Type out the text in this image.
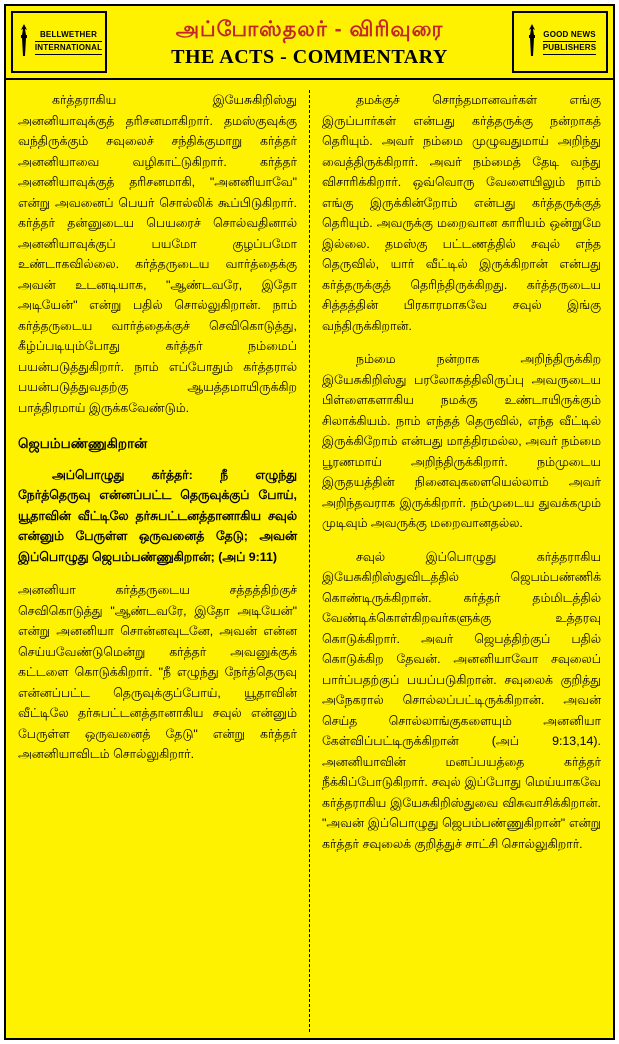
BELLWETHER
INTERNATIONAL
அப்போஸ்தலர் - விரிவுரை
THE ACTS - COMMENTARY
GOOD NEWS
PUBLISHERS

கர்த்தராகிய இயேசுகிறிஸ்து அனனியாவுக்குத் தரிசனமாகிறார். தமஸ்குவுக்கு வந்திருக்கும் சவுலைச் சந்திக்குமாறு கர்த்தர் அனனியாவை வழிகாட்டுகிறார். கர்த்தர் அனனியாவுக்குத் தரிசனமாகி, "அனனியாவே" என்று அவனைப் பெயர் சொல்லிக் கூப்பிடுகிறார். கர்த்தர் தன்னுடைய பெயரைச் சொல்வதினால் அனனியாவுக்குப் பயமோ குழப்பமோ உண்டாகவில்லை. கர்த்தருடைய வார்த்தைக்கு அவன் உடனடியாக, "ஆண்டவரே, இதோ அடியேன்" என்று பதில் சொல்லுகிறான். நாம் கர்த்தருடைய வார்த்தைக்குச் செவிகொடுத்து, கீழ்ப்படியும்போது கர்த்தர் நம்மைப் பயன்படுத்துகிறார். நாம் எப்போதும் கர்த்தரால் பயன்படுத்துவதற்கு ஆயத்தமாயிருக்கிற பாத்திரமாய் இருக்கவேண்டும்.

ஜெபம்பண்ணுகிறான்

அப்பொழுது கர்த்தர்: நீ எழுந்து நேர்த்தெருவு என்னப்பட்ட தெருவுக்குப் போய், யூதாவின் வீட்டிலே தர்சுபட்டனத்தானாகிய சவுல் என்னும் பேருள்ள ஒருவனைத் தேடு; அவன் இப்பொழுது ஜெபம்பண்ணுகிறான்; (அப் 9:11)

அனனியா கர்த்தருடைய சத்தத்திற்குச் செவிகொடுத்து "ஆண்டவரே, இதோ அடியேன்" என்று அனனியா சொன்னவுடனே, அவன் என்ன செய்யவேண்டுமென்று கர்த்தர் அவனுக்குக் கட்டளை கொடுக்கிறார். "நீ எழுந்து நேர்த்தெருவு என்னப்பட்ட தெருவுக்குப்போய், யூதாவின் வீட்டிலே தர்சுபட்டனத்தானாகிய சவுல் என்னும் பேருள்ள ஒருவனைத் தேடு" என்று கர்த்தர் அனனியாவிடம் சொல்லுகிறார்.

தமக்குச் சொந்தமானவர்கள் எங்கு இருப்பார்கள் என்பது கர்த்தருக்கு நன்றாகத் தெரியும். அவர் நம்மை முழுவதுமாய் அறிந்து வைத்திருக்கிறார். அவர் நம்மைத் தேடி வந்து விசாரிக்கிறார். ஒவ்வொரு வேளையிலும் நாம் எங்கு இருக்கின்றோம் என்பது கர்த்தருக்குத் தெரியும். அவருக்கு மறைவான காரியம் ஒன்றுமே இல்லை. தமஸ்கு பட்டணத்தில் சவுல் எந்த தெருவில், யார் வீட்டில் இருக்கிறான் என்பது கர்த்தருக்குத் தெரிந்திருக்கிறது. கர்த்தருடைய சித்தத்தின் பிரகாரமாகவே சவுல் இங்கு வந்திருக்கிறான்.

நம்மை நன்றாக அறிந்திருக்கிற இயேசுகிறிஸ்து பரலோகத்திலிருப்பு அவருடைய பிள்ளைகளாகிய நமக்கு உண்டாயிருக்கும் சிலாக்கியம். நாம் எந்தத் தெருவில், எந்த வீட்டில் இருக்கிறோம் என்பது மாத்திரமல்ல, அவர் நம்மை பூரணமாய் அறிந்திருக்கிறார். நம்முடைய இருதயத்தின் நினைவுகளையெல்லாம் அவர் அறிந்தவராக இருக்கிறார். நம்முடைய துவக்கமும் முடிவும் அவருக்கு மறைவானதல்ல.

சவுல் இப்பொழுது கர்த்தராகிய இயேசுகிறிஸ்துவிடத்தில் ஜெபம்பண்ணிக் கொண்டிருக்கிறான். கர்த்தர் தம்மிடத்தில் வேண்டிக்கொள்கிறவர்களுக்கு உத்தரவு கொடுக்கிறார். அவர் ஜெபத்திற்குப் பதில் கொடுக்கிற தேவன். அனனியாவோ சவுலைப் பார்ப்பதற்குப் பயப்படுகிறான். சவுலைக் குறித்து அநேகரால் சொல்லப்பட்டிருக்கிறான். அவன் செய்த சொல்லாங்குகளையும் அனனியா கேள்விப்பட்டிருக்கிறான் (அப் 9:13,14). அனனியாவின் மனப்பயத்தை கர்த்தர் நீக்கிப்போடுகிறார். சவுல் இப்போது மெய்யாகவே கர்த்தராகிய இயேசுகிறிஸ்துவை விசுவாசிக்கிறான். "அவன் இப்பொழுது ஜெபம்பண்ணுகிறான்" என்று கர்த்தர் சவுலைக் குறித்துச் சாட்சி சொல்லுகிறார்.
